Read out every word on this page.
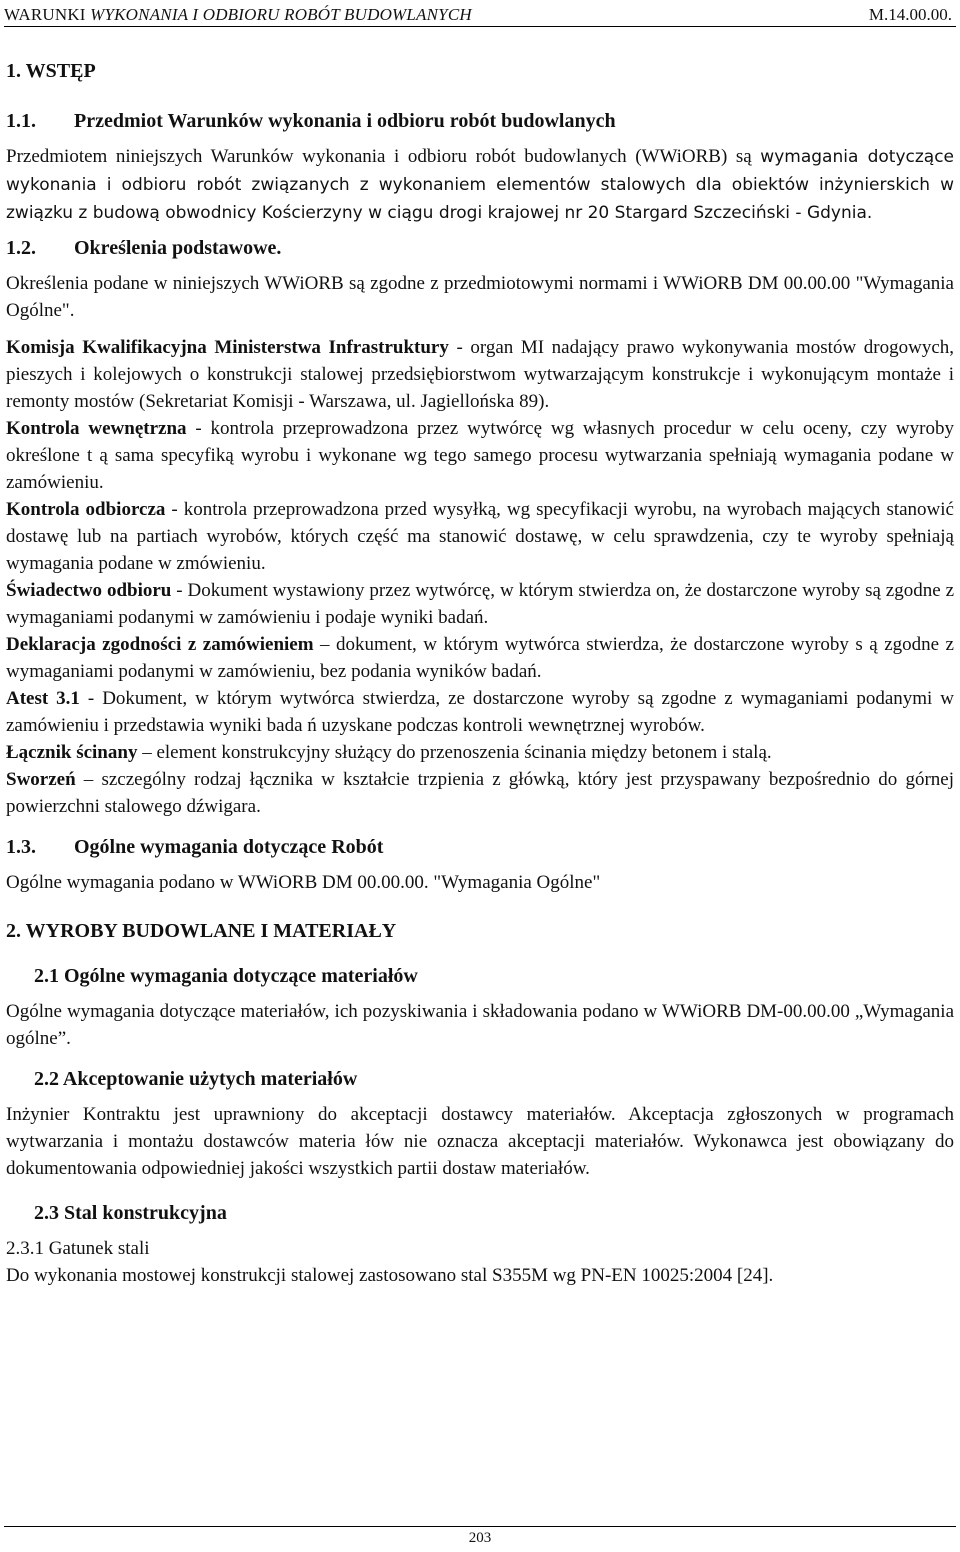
WARUNKI WYKONANIA I ODBIORU ROBÓT BUDOWLANYCH	M.14.00.00.

1. WSTĘP

1.1. Przedmiot Warunków wykonania i odbioru robót budowlanych

Przedmiotem niniejszych Warunków wykonania i odbioru robót budowlanych (WWiORB) są wymagania dotyczące wykonania i odbioru robót związanych z wykonaniem elementów stalowych dla obiektów inżynierskich w związku z budową obwodnicy Kościerzyny w ciągu drogi krajowej nr 20 Stargard Szczeciński - Gdynia.

1.2. Określenia podstawowe.

Określenia podane w niniejszych WWiORB są zgodne z przedmiotowymi normami i WWiORB DM 00.00.00 "Wymagania Ogólne".

Komisja Kwalifikacyjna Ministerstwa Infrastruktury - organ MI nadający prawo wykonywania mostów drogowych, pieszych i kolejowych o konstrukcji stalowej przedsiębiorstwom wytwarzającym konstrukcje i wykonującym montaże i remonty mostów (Sekretariat Komisji - Warszawa, ul. Jagiellońska 89).

Kontrola wewnętrzna - kontrola przeprowadzona przez wytwórcę wg własnych procedur w celu oceny, czy wyroby określone t ą sama specyfiką wyrobu i wykonane wg tego samego procesu wytwarzania spełniają wymagania podane w zamówieniu.

Kontrola odbiorcza - kontrola przeprowadzona przed wysyłką, wg specyfikacji wyrobu, na wyrobach mających stanowić dostawę lub na partiach wyrobów, których część ma stanowić dostawę, w celu sprawdzenia, czy te wyroby spełniają wymagania podane w zmówieniu.

Świadectwo odbioru - Dokument wystawiony przez wytwórcę, w którym stwierdza on, że dostarczone wyroby są zgodne z wymaganiami podanymi w zamówieniu i podaje wyniki badań.

Deklaracja zgodności z zamówieniem – dokument, w którym wytwórca stwierdza, że dostarczone wyroby s ą zgodne z wymaganiami podanymi w zamówieniu, bez podania wyników badań.

Atest 3.1 - Dokument, w którym wytwórca stwierdza, ze dostarczone wyroby są zgodne z wymaganiami podanymi w zamówieniu i przedstawia wyniki bada ń uzyskane podczas kontroli wewnętrznej wyrobów.

Łącznik ścinany – element konstrukcyjny służący do przenoszenia ścinania między betonem i stalą.

Sworzeń – szczególny rodzaj łącznika w kształcie trzpienia z główką, który jest przyspawany bezpośrednio do górnej powierzchni stalowego dźwigara.

1.3. Ogólne wymagania dotyczące Robót

Ogólne wymagania podano w WWiORB DM 00.00.00. "Wymagania Ogólne"

2. WYROBY BUDOWLANE I MATERIAŁY

2.1 Ogólne wymagania dotyczące materiałów

Ogólne wymagania dotyczące materiałów, ich pozyskiwania i składowania podano w WWiORB DM-00.00.00 „Wymagania ogólne”.

2.2 Akceptowanie użytych materiałów

Inżynier Kontraktu jest uprawniony do akceptacji dostawcy materiałów. Akceptacja zgłoszonych w programach wytwarzania i montażu dostawców materia łów nie oznacza akceptacji materiałów. Wykonawca jest obowiązany do dokumentowania odpowiedniej jakości wszystkich partii dostaw materiałów.

2.3 Stal konstrukcyjna

2.3.1 Gatunek stali

Do wykonania mostowej konstrukcji stalowej zastosowano stal S355M wg PN-EN 10025:2004 [24].

203
